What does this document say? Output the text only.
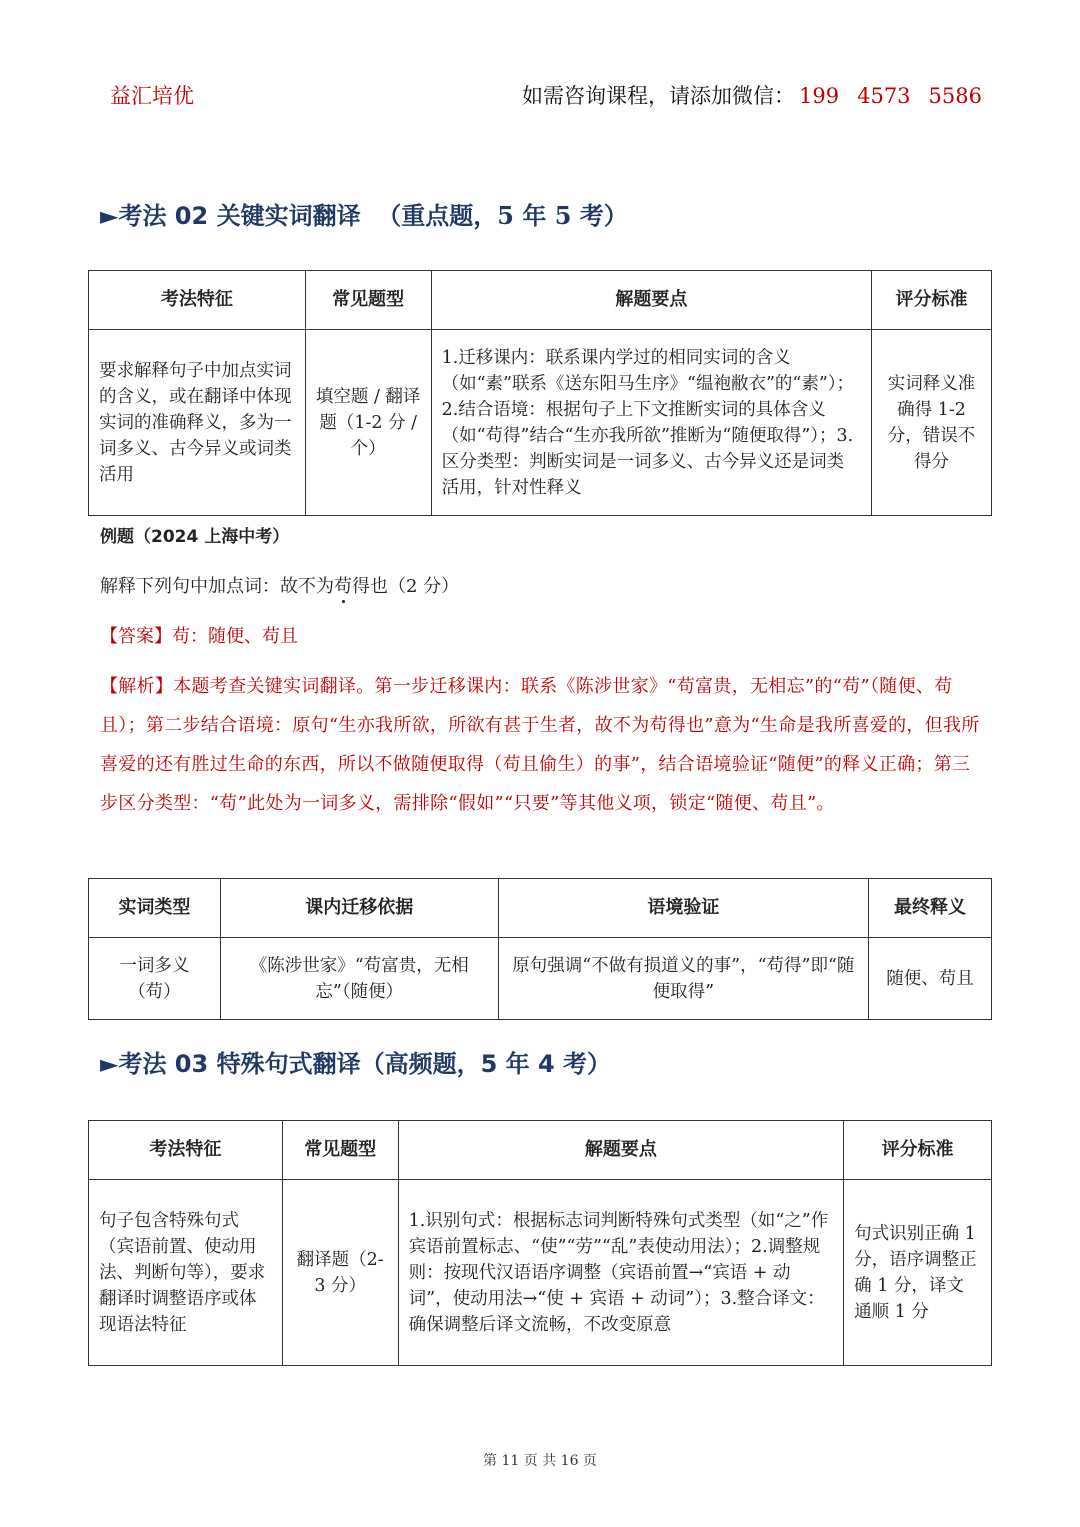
益汇培优	如需咨询课程，请添加微信： 199 4573 5586
►考法 02 关键实词翻译 （重点题，5 年 5 考）
考法特征	常见题型	解题要点	评分标准
要求解释句子中加点实词的含义，或在翻译中体现实词的准确释义，多为一词多义、古今异义或词类活用	填空题 / 翻译题（1-2 分 / 个）	1.迁移课内：联系课内学过的相同实词的含义（如“素”联系《送东阳马生序》“缊袍敝衣”的“素”）；2.结合语境：根据句子上下文推断实词的具体含义（如“苟得”结合“生亦我所欲”推断为“随便取得”）；3.区分类型：判断实词是一词多义、古今异义还是词类活用，针对性释义	实词释义准确得 1-2 分，错误不得分
例题（2024 上海中考）
解释下列句中加点词：故不为苟得也（2 分）
【答案】苟：随便、苟且
【解析】本题考查关键实词翻译。第一步迁移课内：联系《陈涉世家》“苟富贵，无相忘”的“苟”（随便、苟且）；第二步结合语境：原句“生亦我所欲，所欲有甚于生者，故不为苟得也”意为“生命是我所喜爱的，但我所喜爱的还有胜过生命的东西，所以不做随便取得（苟且偷生）的事”，结合语境验证“随便”的释义正确；第三步区分类型：“苟”此处为一词多义，需排除“假如”“只要”等其他义项，锁定“随便、苟且”。
实词类型	课内迁移依据	语境验证	最终释义
一词多义（苟）	《陈涉世家》“苟富贵，无相忘”（随便）	原句强调“不做有损道义的事”，“苟得”即“随便取得”	随便、苟且
►考法 03 特殊句式翻译（高频题，5 年 4 考）
考法特征	常见题型	解题要点	评分标准
句子包含特殊句式（宾语前置、使动用法、判断句等），要求翻译时调整语序或体现语法特征	翻译题（2-3 分）	1.识别句式：根据标志词判断特殊句式类型（如“之”作宾语前置标志、“使”“劳”“乱”表使动用法）；2.调整规则：按现代汉语语序调整（宾语前置→“宾语 + 动词”，使动用法→“使 + 宾语 + 动词”）；3.整合译文：确保调整后译文流畅，不改变原意	句式识别正确 1 分，语序调整正确 1 分，译文通顺 1 分
第 11 页 共 16 页
